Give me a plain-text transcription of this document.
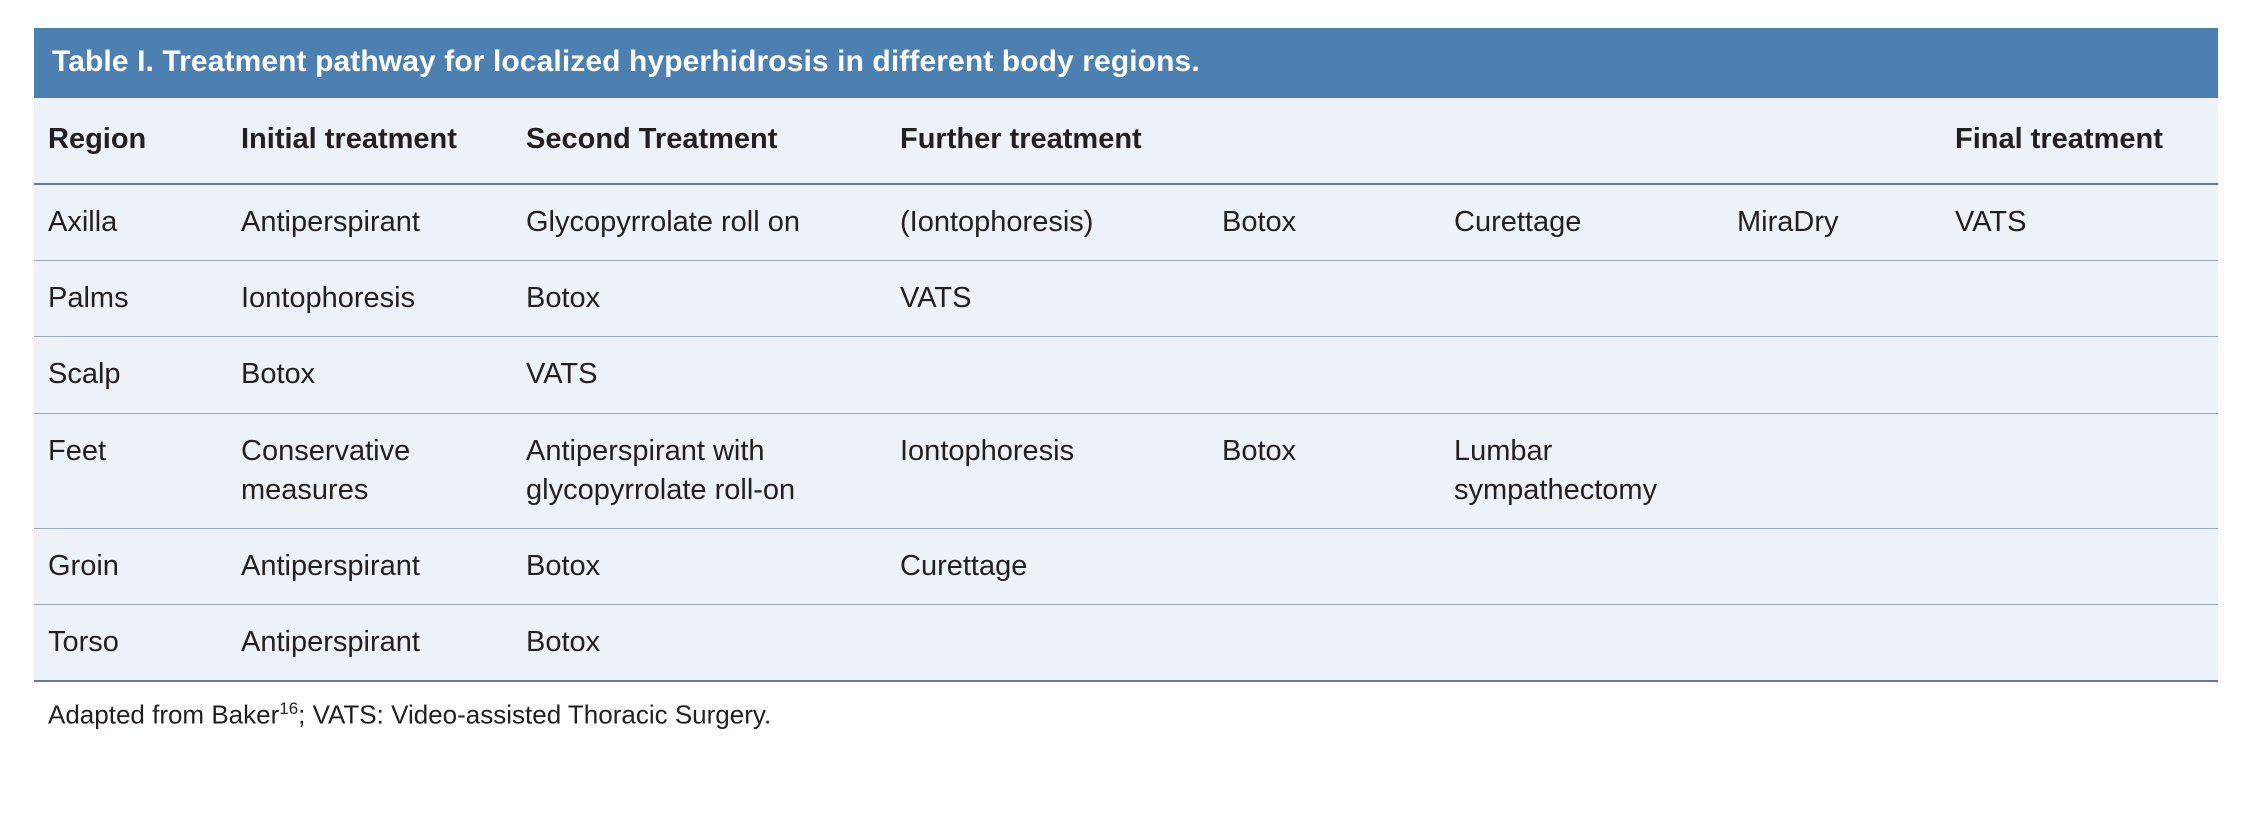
Table I. Treatment pathway for localized hyperhidrosis in different body regions.
Region	Initial treatment	Second Treatment	Further treatment				Final treatment
Axilla	Antiperspirant	Glycopyrrolate roll on	(Iontophoresis)	Botox	Curettage	MiraDry	VATS
Palms	Iontophoresis	Botox	VATS				
Scalp	Botox	VATS					
Feet	Conservative measures	Antiperspirant with glycopyrrolate roll-on	Iontophoresis	Botox	Lumbar sympathectomy		
Groin	Antiperspirant	Botox	Curettage				
Torso	Antiperspirant	Botox					
Adapted from Baker$^{16}$; VATS: Video-assisted Thoracic Surgery.
